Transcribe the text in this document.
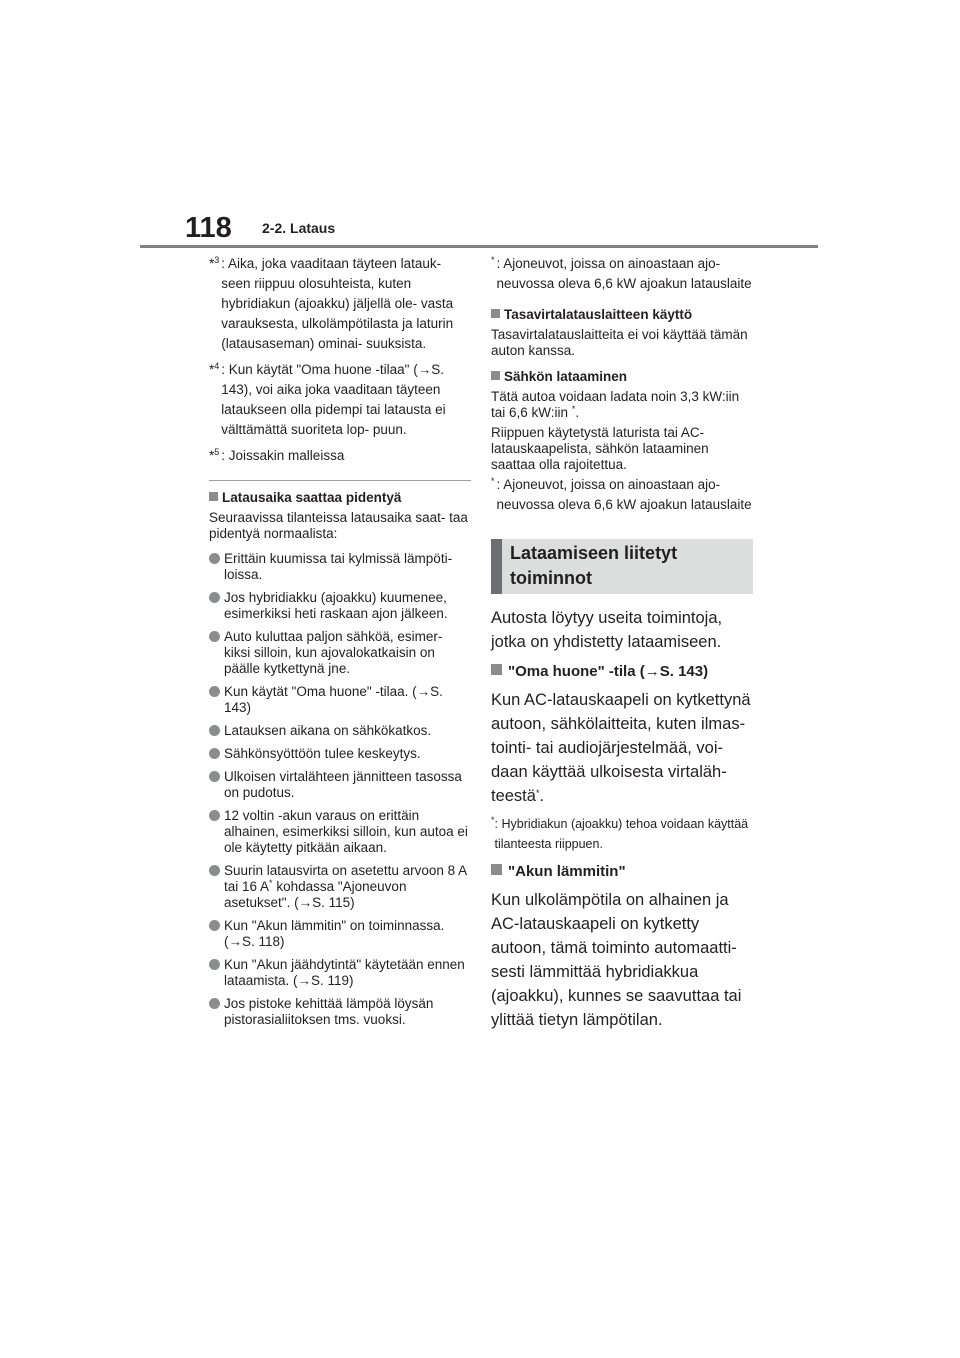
118 2-2. Lataus
*$^3$ : Aika, joka vaaditaan täyteen latauk- seen riippuu olosuhteista, kuten hybridiakun (ajoakku) jäljellä ole- vasta varauksesta, ulkolämpötilasta ja laturin (latausaseman) ominai- suuksista.
*$^4$ : Kun käytät "Oma huone -tilaa" (→S. 143), voi aika joka vaaditaan täyteen lataukseen olla pidempi tai latausta ei välttämättä suoriteta lop- puun.
*$^5$ : Joissakin malleissa
Latausaika saattaa pidentyä
Seuraavissa tilanteissa latausaika saat- taa pidentyä normaalista:
Erittäin kuumissa tai kylmissä lämpöti- loissa.
Jos hybridiakku (ajoakku) kuumenee, esimerkiksi heti raskaan ajon jälkeen.
Auto kuluttaa paljon sähköä, esimer- kiksi silloin, kun ajovalokatkaisin on päälle kytkettynä jne.
Kun käytät "Oma huone" -tilaa. (→S. 143)
Latauksen aikana on sähkökatkos.
Sähkönsyöttöön tulee keskeytys.
Ulkoisen virtalähteen jännitteen tasossa on pudotus.
12 voltin -akun varaus on erittäin alhainen, esimerkiksi silloin, kun autoa ei ole käytetty pitkään aikaan.
Suurin latausvirta on asetettu arvoon 8 A tai 16 A* kohdassa "Ajoneuvon asetukset". (→S. 115)
Kun "Akun lämmitin" on toiminnassa. (→S. 118)
Kun "Akun jäähdytintä" käytetään ennen lataamista. (→S. 119)
Jos pistoke kehittää lämpöä löysän pistorasialiitoksen tms. vuoksi.
* : Ajoneuvot, joissa on ainoastaan ajo- neuvossa oleva 6,6 kW ajoakun latauslaite
Tasavirtalatauslaitteen käyttö
Tasavirtalatauslaitteita ei voi käyttää tämän auton kanssa.
Sähkön lataaminen
Tätä autoa voidaan ladata noin 3,3 kW:iin tai 6,6 kW:iin *.
Riippuen käytetystä laturista tai AC- latauskaapelista, sähkön lataaminen saattaa olla rajoitettua.
* : Ajoneuvot, joissa on ainoastaan ajo- neuvossa oleva 6,6 kW ajoakun latauslaite
Lataamiseen liitetyt toiminnot
Autosta löytyy useita toimintoja, jotka on yhdistetty lataamiseen.
"Oma huone" -tila (→S. 143)
Kun AC-latauskaapeli on kytkettynä autoon, sähkölaitteita, kuten ilmas- tointi- tai audiojärjestelmää, voi- daan käyttää ulkoisesta virtaläh- teestä*.
* : Hybridiakun (ajoakku) tehoa voidaan käyttää tilanteesta riippuen.
"Akun lämmitin"
Kun ulkolämpötila on alhainen ja AC-latauskaapeli on kytketty autoon, tämä toiminto automaatti- sesti lämmittää hybridiakkua (ajoakku), kunnes se saavuttaa tai ylittää tietyn lämpötilan.
